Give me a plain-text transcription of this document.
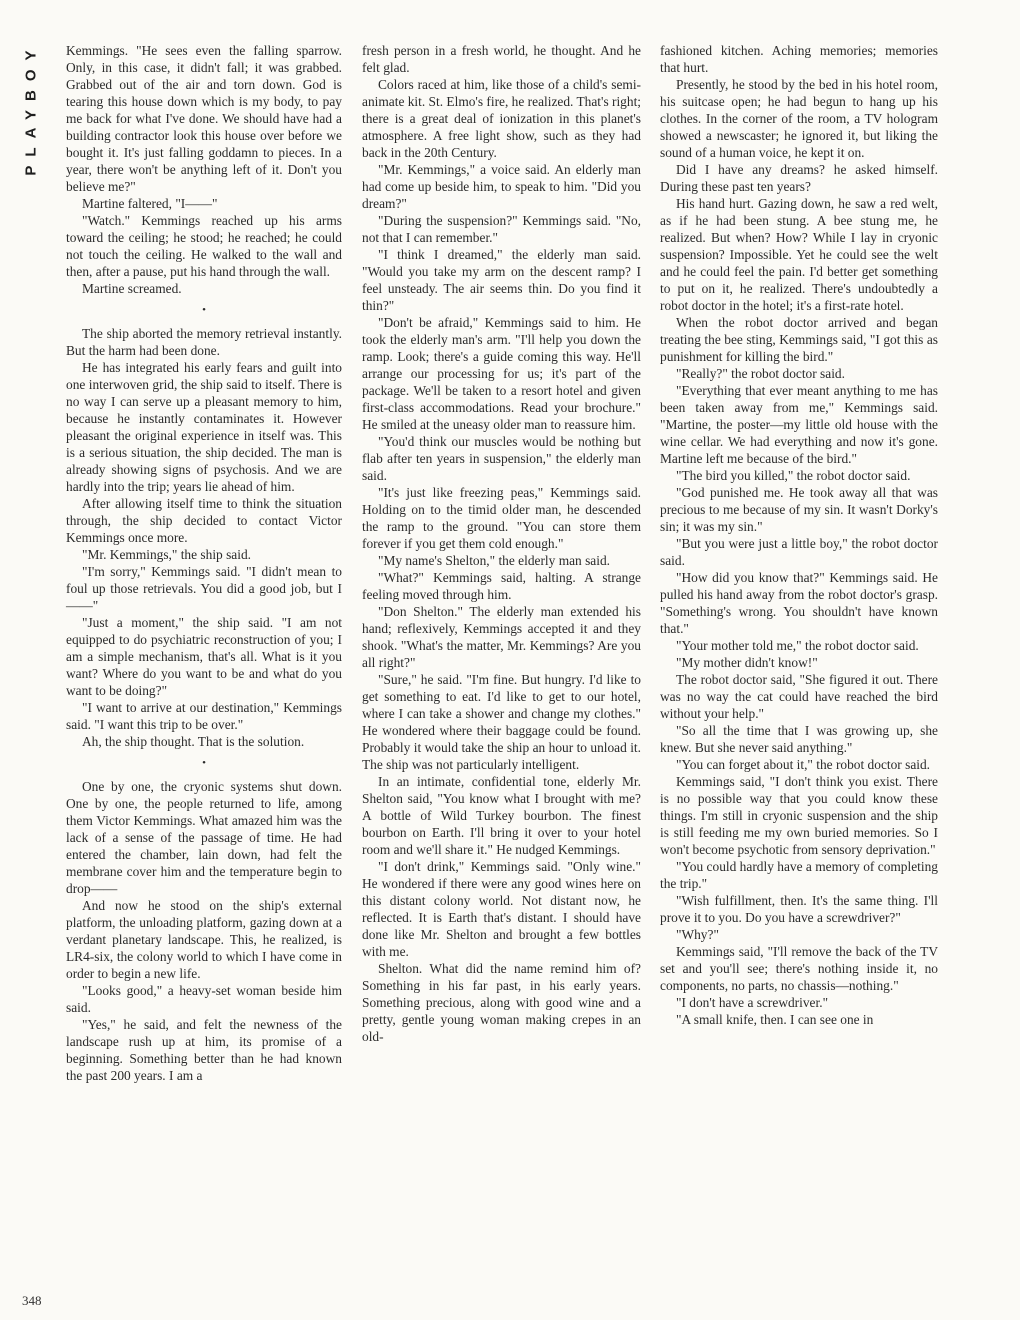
PLAYBOY Kemmings. "He sees even the falling sparrow. Only, in this case, it didn't fall; it was grabbed. Grabbed out of the air and torn down. God is tearing this house down which is my body, to pay me back for what I've done. We should have had a building contractor look this house over before we bought it. It's just falling goddamn to pieces. In a year, there won't be anything left of it. Don't you believe me?"

Martine faltered, "I——"

"Watch." Kemmings reached up his arms toward the ceiling; he stood; he reached; he could not touch the ceiling. He walked to the wall and then, after a pause, put his hand through the wall.

Martine screamed.

•

The ship aborted the memory retrieval instantly. But the harm had been done.

He has integrated his early fears and guilt into one interwoven grid, the ship said to itself. There is no way I can serve up a pleasant memory to him, because he instantly contaminates it. However pleasant the original experience in itself was. This is a serious situation, the ship decided. The man is already showing signs of psychosis. And we are hardly into the trip; years lie ahead of him.

After allowing itself time to think the situation through, the ship decided to contact Victor Kemmings once more.

"Mr. Kemmings," the ship said.

"I'm sorry," Kemmings said. "I didn't mean to foul up those retrievals. You did a good job, but I——"

"Just a moment," the ship said. "I am not equipped to do psychiatric reconstruction of you; I am a simple mechanism, that's all. What is it you want? Where do you want to be and what do you want to be doing?"

"I want to arrive at our destination," Kemmings said. "I want this trip to be over."

Ah, the ship thought. That is the solution.

•

One by one, the cryonic systems shut down. One by one, the people returned to life, among them Victor Kemmings. What amazed him was the lack of a sense of the passage of time. He had entered the chamber, lain down, had felt the membrane cover him and the temperature begin to drop——

And now he stood on the ship's external platform, the unloading platform, gazing down at a verdant planetary landscape. This, he realized, is LR4-six, the colony world to which I have come in order to begin a new life.

"Looks good," a heavy-set woman beside him said.

"Yes," he said, and felt the newness of the landscape rush up at him, its promise of a beginning. Something better than he had known the past 200 years. I am a

fresh person in a fresh world, he thought. And he felt glad.

Colors raced at him, like those of a child's semi-animate kit. St. Elmo's fire, he realized. That's right; there is a great deal of ionization in this planet's atmosphere. A free light show, such as they had back in the 20th Century.

"Mr. Kemmings," a voice said. An elderly man had come up beside him, to speak to him. "Did you dream?"

"During the suspension?" Kemmings said. "No, not that I can remember."

"I think I dreamed," the elderly man said. "Would you take my arm on the descent ramp? I feel unsteady. The air seems thin. Do you find it thin?"

"Don't be afraid," Kemmings said to him. He took the elderly man's arm. "I'll help you down the ramp. Look; there's a guide coming this way. He'll arrange our processing for us; it's part of the package. We'll be taken to a resort hotel and given first-class accommodations. Read your brochure." He smiled at the uneasy older man to reassure him.

"You'd think our muscles would be nothing but flab after ten years in suspension," the elderly man said.

"It's just like freezing peas," Kemmings said. Holding on to the timid older man, he descended the ramp to the ground. "You can store them forever if you get them cold enough."

"My name's Shelton," the elderly man said.

"What?" Kemmings said, halting. A strange feeling moved through him.

"Don Shelton." The elderly man extended his hand; reflexively, Kemmings accepted it and they shook. "What's the matter, Mr. Kemmings? Are you all right?"

"Sure," he said. "I'm fine. But hungry. I'd like to get something to eat. I'd like to get to our hotel, where I can take a shower and change my clothes." He wondered where their baggage could be found. Probably it would take the ship an hour to unload it. The ship was not particularly intelligent.

In an intimate, confidential tone, elderly Mr. Shelton said, "You know what I brought with me? A bottle of Wild Turkey bourbon. The finest bourbon on Earth. I'll bring it over to your hotel room and we'll share it." He nudged Kemmings.

"I don't drink," Kemmings said. "Only wine." He wondered if there were any good wines here on this distant colony world. Not distant now, he reflected. It is Earth that's distant. I should have done like Mr. Shelton and brought a few bottles with me.

Shelton. What did the name remind him of? Something in his far past, in his early years. Something precious, along with good wine and a pretty, gentle young woman making crepes in an old-

fashioned kitchen. Aching memories; memories that hurt.

Presently, he stood by the bed in his hotel room, his suitcase open; he had begun to hang up his clothes. In the corner of the room, a TV hologram showed a newscaster; he ignored it, but liking the sound of a human voice, he kept it on.

Did I have any dreams? he asked himself. During these past ten years?

His hand hurt. Gazing down, he saw a red welt, as if he had been stung. A bee stung me, he realized. But when? How? While I lay in cryonic suspension? Impossible. Yet he could see the welt and he could feel the pain. I'd better get something to put on it, he realized. There's undoubtedly a robot doctor in the hotel; it's a first-rate hotel.

When the robot doctor arrived and began treating the bee sting, Kemmings said, "I got this as punishment for killing the bird."

"Really?" the robot doctor said.

"Everything that ever meant anything to me has been taken away from me," Kemmings said. "Martine, the poster—my little old house with the wine cellar. We had everything and now it's gone. Martine left me because of the bird."

"The bird you killed," the robot doctor said.

"God punished me. He took away all that was precious to me because of my sin. It wasn't Dorky's sin; it was my sin."

"But you were just a little boy," the robot doctor said.

"How did you know that?" Kemmings said. He pulled his hand away from the robot doctor's grasp. "Something's wrong. You shouldn't have known that."

"Your mother told me," the robot doctor said.

"My mother didn't know!"

The robot doctor said, "She figured it out. There was no way the cat could have reached the bird without your help."

"So all the time that I was growing up, she knew. But she never said anything."

"You can forget about it," the robot doctor said.

Kemmings said, "I don't think you exist. There is no possible way that you could know these things. I'm still in cryonic suspension and the ship is still feeding me my own buried memories. So I won't become psychotic from sensory deprivation."

"You could hardly have a memory of completing the trip."

"Wish fulfillment, then. It's the same thing. I'll prove it to you. Do you have a screwdriver?"

"Why?"

Kemmings said, "I'll remove the back of the TV set and you'll see; there's nothing inside it, no components, no parts, no chassis—nothing."

"I don't have a screwdriver."

"A small knife, then. I can see one in

348
